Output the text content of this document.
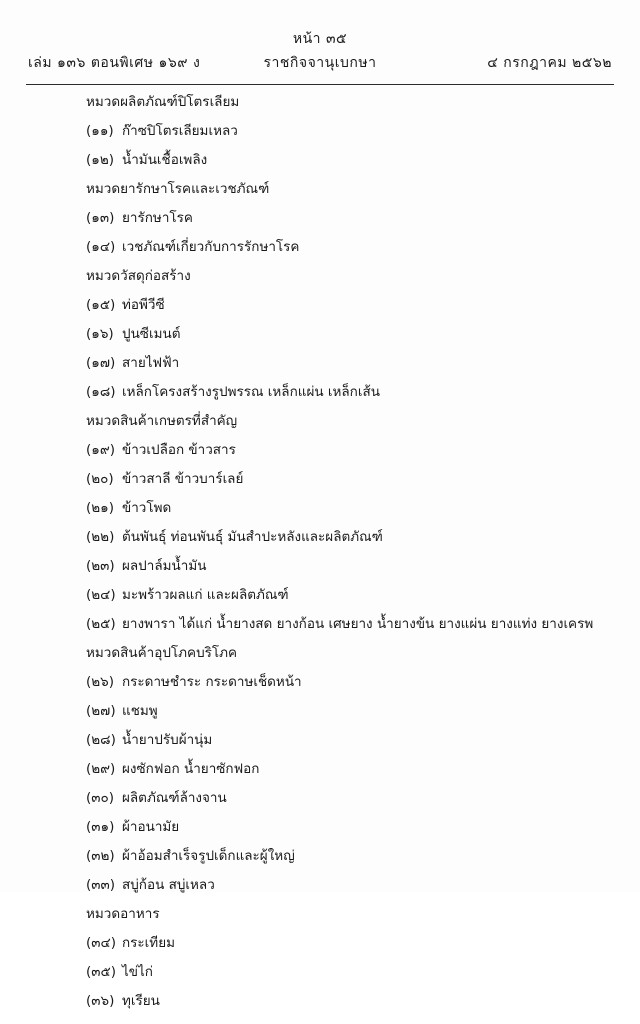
หน้า ๓๕
เล่ม ๑๓๖ ตอนพิเศษ ๑๖๙ ง	ราชกิจจานุเบกษา	๔ กรกฎาคม ๒๕๖๒
หมวดผลิตภัณฑ์ปิโตรเลียม
(๑๑) ก๊าซปิโตรเลียมเหลว
(๑๒) น้ำมันเชื้อเพลิง
หมวดยารักษาโรคและเวชภัณฑ์
(๑๓) ยารักษาโรค
(๑๔) เวชภัณฑ์เกี่ยวกับการรักษาโรค
หมวดวัสดุก่อสร้าง
(๑๕) ท่อพีวีซี
(๑๖) ปูนซีเมนต์
(๑๗) สายไฟฟ้า
(๑๘) เหล็กโครงสร้างรูปพรรณ เหล็กแผ่น เหล็กเส้น
หมวดสินค้าเกษตรที่สำคัญ
(๑๙) ข้าวเปลือก ข้าวสาร
(๒๐) ข้าวสาลี ข้าวบาร์เลย์
(๒๑) ข้าวโพด
(๒๒) ต้นพันธุ์ ท่อนพันธุ์ มันสำปะหลังและผลิตภัณฑ์
(๒๓) ผลปาล์มน้ำมัน
(๒๔) มะพร้าวผลแก่ และผลิตภัณฑ์
(๒๕) ยางพารา ได้แก่ น้ำยางสด ยางก้อน เศษยาง น้ำยางข้น ยางแผ่น ยางแท่ง ยางเครพ
หมวดสินค้าอุปโภคบริโภค
(๒๖) กระดาษชำระ กระดาษเช็ดหน้า
(๒๗) แชมพู
(๒๘) น้ำยาปรับผ้านุ่ม
(๒๙) ผงซักฟอก น้ำยาซักฟอก
(๓๐) ผลิตภัณฑ์ล้างจาน
(๓๑) ผ้าอนามัย
(๓๒) ผ้าอ้อมสำเร็จรูปเด็กและผู้ใหญ่
(๓๓) สบู่ก้อน สบู่เหลว
หมวดอาหาร
(๓๔) กระเทียม
(๓๕) ไข่ไก่
(๓๖) ทุเรียน
